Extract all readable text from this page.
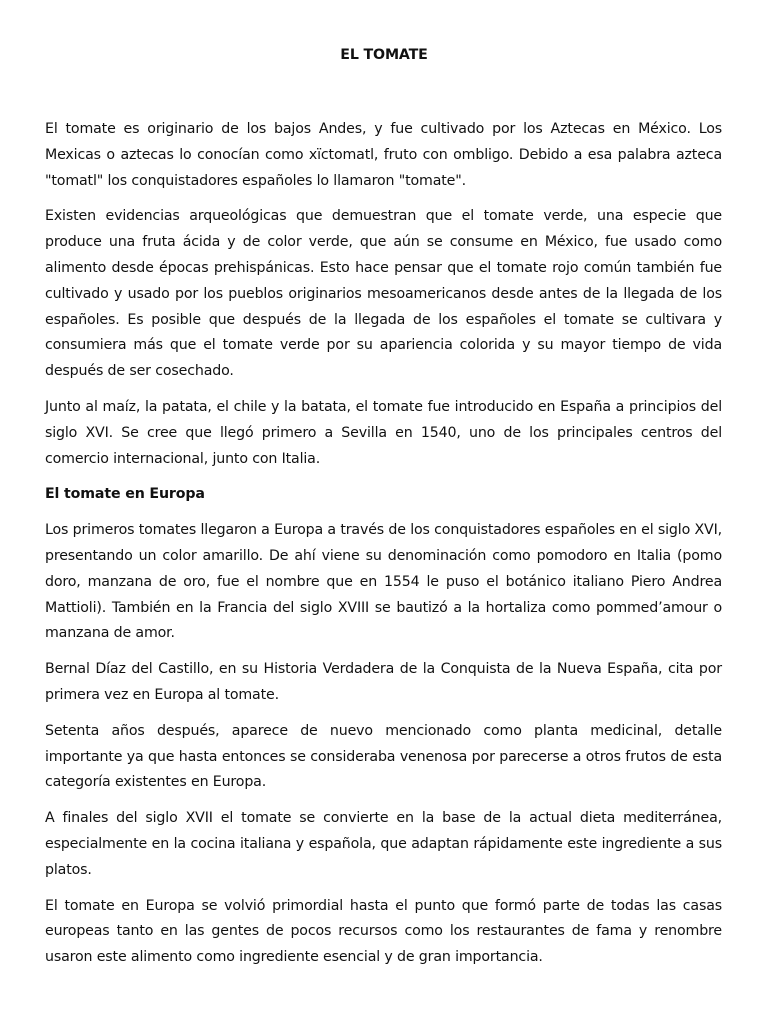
EL TOMATE

El tomate es originario de los bajos Andes, y fue cultivado por los Aztecas en México. Los Mexicas o aztecas lo conocían como xïctomatl, fruto con ombligo. Debido a esa palabra azteca "tomatl" los conquistadores españoles lo llamaron "tomate".

Existen evidencias arqueológicas que demuestran que el tomate verde, una especie que produce una fruta ácida y de color verde, que aún se consume en México, fue usado como alimento desde épocas prehispánicas. Esto hace pensar que el tomate rojo común también fue cultivado y usado por los pueblos originarios mesoamericanos desde antes de la llegada de los españoles. Es posible que después de la llegada de los españoles el tomate se cultivara y consumiera más que el tomate verde por su apariencia colorida y su mayor tiempo de vida después de ser cosechado.

Junto al maíz, la patata, el chile y la batata, el tomate fue introducido en España a principios del siglo XVI. Se cree que llegó primero a Sevilla en 1540, uno de los principales centros del comercio internacional, junto con Italia.

El tomate en Europa

Los primeros tomates llegaron a Europa a través de los conquistadores españoles en el siglo XVI, presentando un color amarillo. De ahí viene su denominación como pomodoro en Italia (pomo doro, manzana de oro, fue el nombre que en 1554 le puso el botánico italiano Piero Andrea Mattioli). También en la Francia del siglo XVIII se bautizó a la hortaliza como pommed’amour o manzana de amor.

Bernal Díaz del Castillo, en su Historia Verdadera de la Conquista de la Nueva España, cita por primera vez en Europa al tomate.

Setenta años después, aparece de nuevo mencionado como planta medicinal, detalle importante ya que hasta entonces se consideraba venenosa por parecerse a otros frutos de esta categoría existentes en Europa.

A finales del siglo XVII el tomate se convierte en la base de la actual dieta mediterránea, especialmente en la cocina italiana y española, que adaptan rápidamente este ingrediente a sus platos.

El tomate en Europa se volvió primordial hasta el punto que formó parte de todas las casas europeas tanto en las gentes de pocos recursos como los restaurantes de fama y renombre usaron este alimento como ingrediente esencial y de gran importancia.
